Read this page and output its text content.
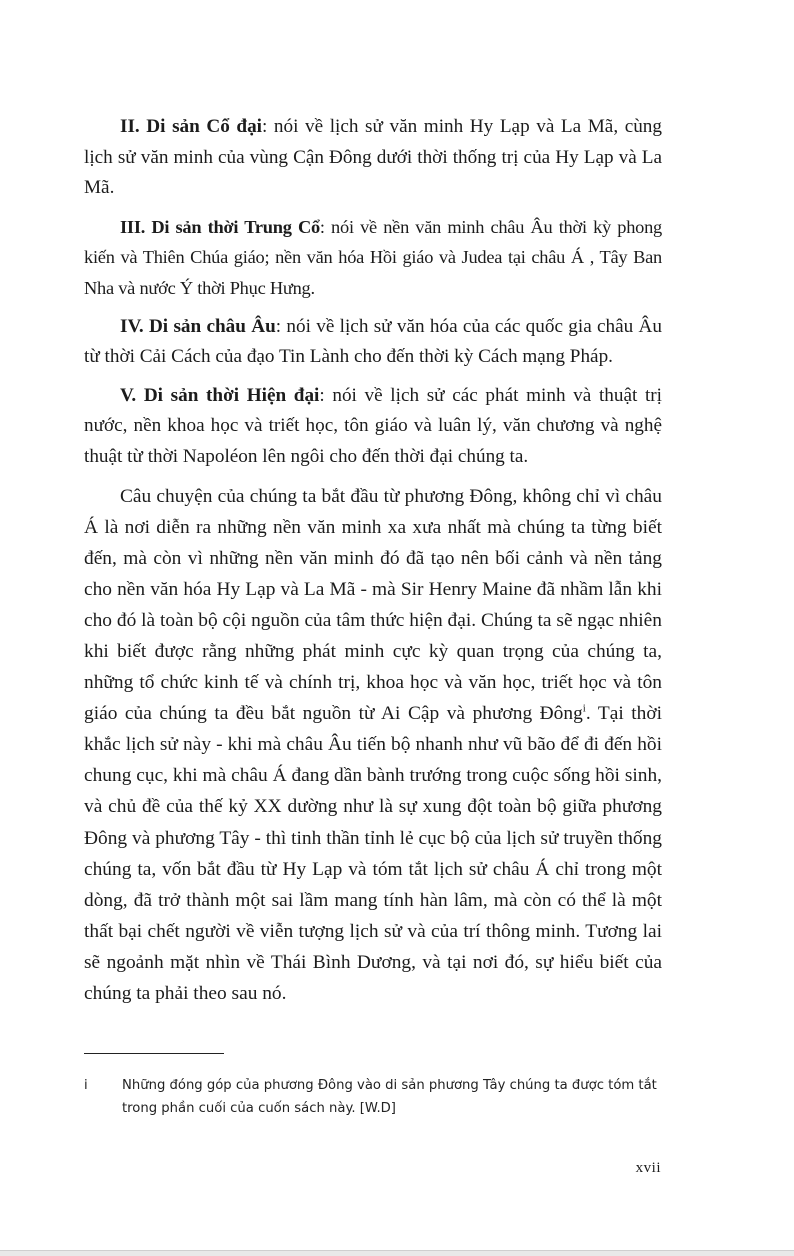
II. Di sản Cổ đại: nói về lịch sử văn minh Hy Lạp và La Mã, cùng lịch sử văn minh của vùng Cận Đông dưới thời thống trị của Hy Lạp và La Mã.

III. Di sản thời Trung Cổ: nói về nền văn minh châu Âu thời kỳ phong kiến và Thiên Chúa giáo; nền văn hóa Hồi giáo và Judea tại châu Á , Tây Ban Nha và nước Ý thời Phục Hưng.

IV. Di sản châu Âu: nói về lịch sử văn hóa của các quốc gia châu Âu từ thời Cải Cách của đạo Tin Lành cho đến thời kỳ Cách mạng Pháp.

V. Di sản thời Hiện đại: nói về lịch sử các phát minh và thuật trị nước, nền khoa học và triết học, tôn giáo và luân lý, văn chương và nghệ thuật từ thời Napoléon lên ngôi cho đến thời đại chúng ta.

Câu chuyện của chúng ta bắt đầu từ phương Đông, không chỉ vì châu Á là nơi diễn ra những nền văn minh xa xưa nhất mà chúng ta từng biết đến, mà còn vì những nền văn minh đó đã tạo nên bối cảnh và nền tảng cho nền văn hóa Hy Lạp và La Mã - mà Sir Henry Maine đã nhầm lẫn khi cho đó là toàn bộ cội nguồn của tâm thức hiện đại. Chúng ta sẽ ngạc nhiên khi biết được rằng những phát minh cực kỳ quan trọng của chúng ta, những tổ chức kinh tế và chính trị, khoa học và văn học, triết học và tôn giáo của chúng ta đều bắt nguồn từ Ai Cập và phương Đông$^i$. Tại thời khắc lịch sử này - khi mà châu Âu tiến bộ nhanh như vũ bão để đi đến hồi chung cục, khi mà châu Á đang dần bành trướng trong cuộc sống hồi sinh, và chủ đề của thế kỷ XX dường như là sự xung đột toàn bộ giữa phương Đông và phương Tây - thì tinh thần tỉnh lẻ cục bộ của lịch sử truyền thống chúng ta, vốn bắt đầu từ Hy Lạp và tóm tắt lịch sử châu Á chỉ trong một dòng, đã trở thành một sai lầm mang tính hàn lâm, mà còn có thể là một thất bại chết người về viễn tượng lịch sử và của trí thông minh. Tương lai sẽ ngoảnh mặt nhìn về Thái Bình Dương, và tại nơi đó, sự hiểu biết của chúng ta phải theo sau nó.

i	Những đóng góp của phương Đông vào di sản phương Tây chúng ta được tóm tắt trong phần cuối của cuốn sách này. [W.D]
xvii
